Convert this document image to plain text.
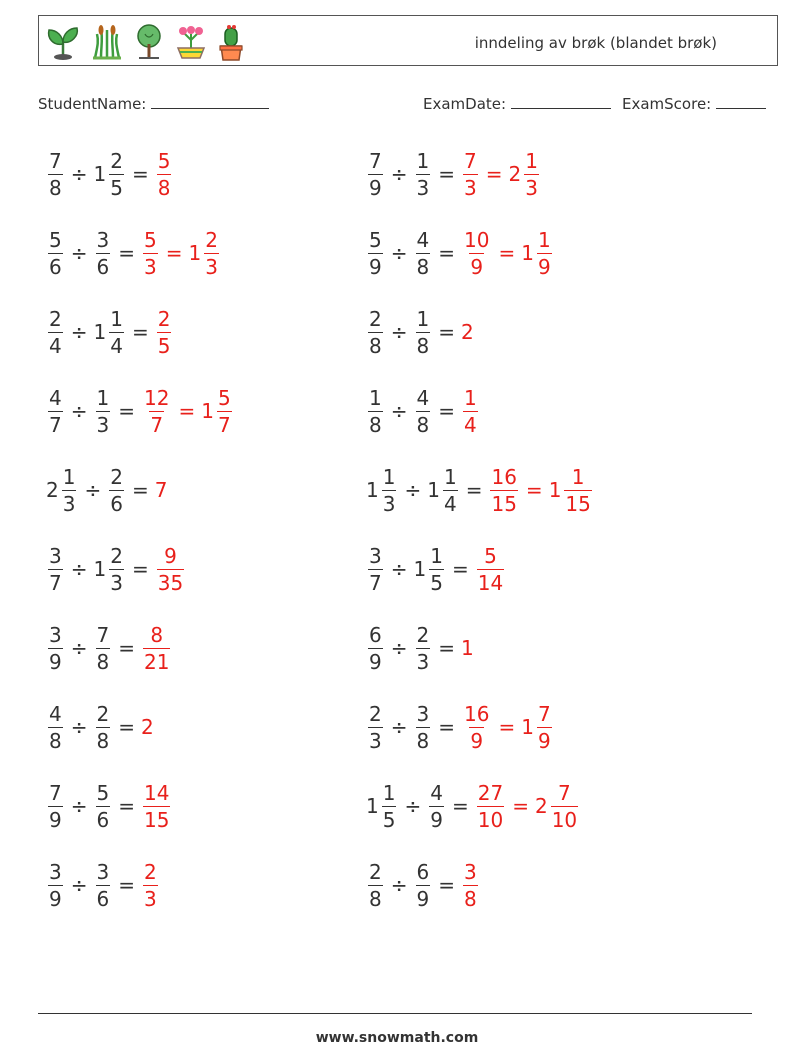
inndeling av brøk (blandet brøk)
StudentName:	ExamDate:	ExamScore:
$\frac{7}{8} \div 1 \frac{2}{5} = \frac{5}{8}$	$\frac{7}{9} \div \frac{1}{3} = \frac{7}{3} = 2 \frac{1}{3}$
$\frac{5}{6} \div \frac{3}{6} = \frac{5}{3} = 1 \frac{2}{3}$	$\frac{5}{9} \div \frac{4}{8} = \frac{10}{9} = 1 \frac{1}{9}$
$\frac{2}{4} \div 1 \frac{1}{4} = \frac{2}{5}$	$\frac{2}{8} \div \frac{1}{8} = 2$
$\frac{4}{7} \div \frac{1}{3} = \frac{12}{7} = 1 \frac{5}{7}$	$\frac{1}{8} \div \frac{4}{8} = \frac{1}{4}$
$2 \frac{1}{3} \div \frac{2}{6} = 7$	$1 \frac{1}{3} \div 1 \frac{1}{4} = \frac{16}{15} = 1 \frac{1}{15}$
$\frac{3}{7} \div 1 \frac{2}{3} = \frac{9}{35}$	$\frac{3}{7} \div 1 \frac{1}{5} = \frac{5}{14}$
$\frac{3}{9} \div \frac{7}{8} = \frac{8}{21}$	$\frac{6}{9} \div \frac{2}{3} = 1$
$\frac{4}{8} \div \frac{2}{8} = 2$	$\frac{2}{3} \div \frac{3}{8} = \frac{16}{9} = 1 \frac{7}{9}$
$\frac{7}{9} \div \frac{5}{6} = \frac{14}{15}$	$1 \frac{1}{5} \div \frac{4}{9} = \frac{27}{10} = 2 \frac{7}{10}$
$\frac{3}{9} \div \frac{3}{6} = \frac{2}{3}$	$\frac{2}{8} \div \frac{6}{9} = \frac{3}{8}$
www.snowmath.com
